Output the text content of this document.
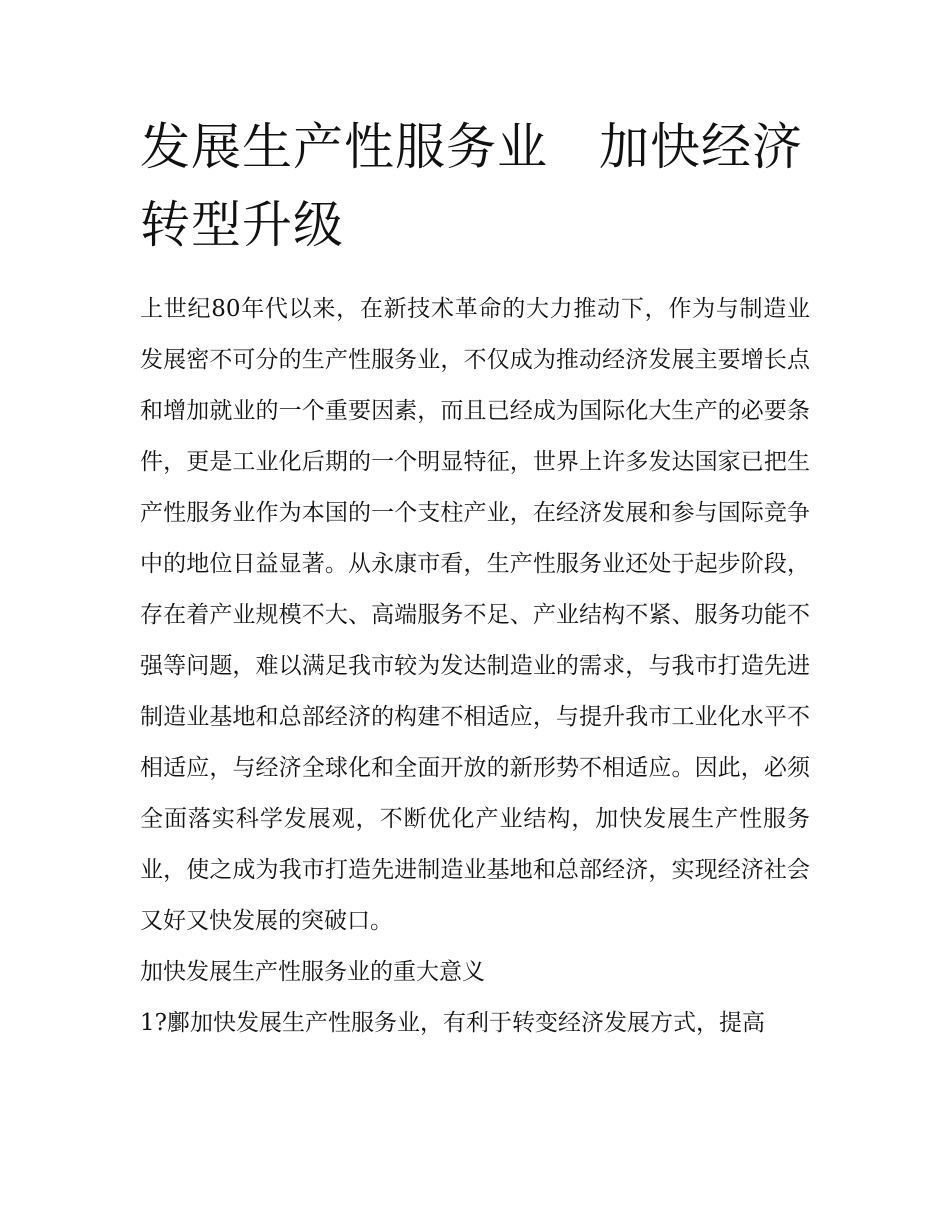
发展生产性服务业　加快经济转型升级

上世纪80年代以来，在新技术革命的大力推动下，作为与制造业发展密不可分的生产性服务业，不仅成为推动经济发展主要增长点和增加就业的一个重要因素，而且已经成为国际化大生产的必要条件，更是工业化后期的一个明显特征，世界上许多发达国家已把生产性服务业作为本国的一个支柱产业，在经济发展和参与国际竞争中的地位日益显著。从永康市看，生产性服务业还处于起步阶段，存在着产业规模不大、高端服务不足、产业结构不紧、服务功能不强等问题，难以满足我市较为发达制造业的需求，与我市打造先进制造业基地和总部经济的构建不相适应，与提升我市工业化水平不相适应，与经济全球化和全面开放的新形势不相适应。因此，必须全面落实科学发展观，不断优化产业结构，加快发展生产性服务业，使之成为我市打造先进制造业基地和总部经济，实现经济社会又好又快发展的突破口。

加快发展生产性服务业的重大意义

1?鄽加快发展生产性服务业，有利于转变经济发展方式，提高
